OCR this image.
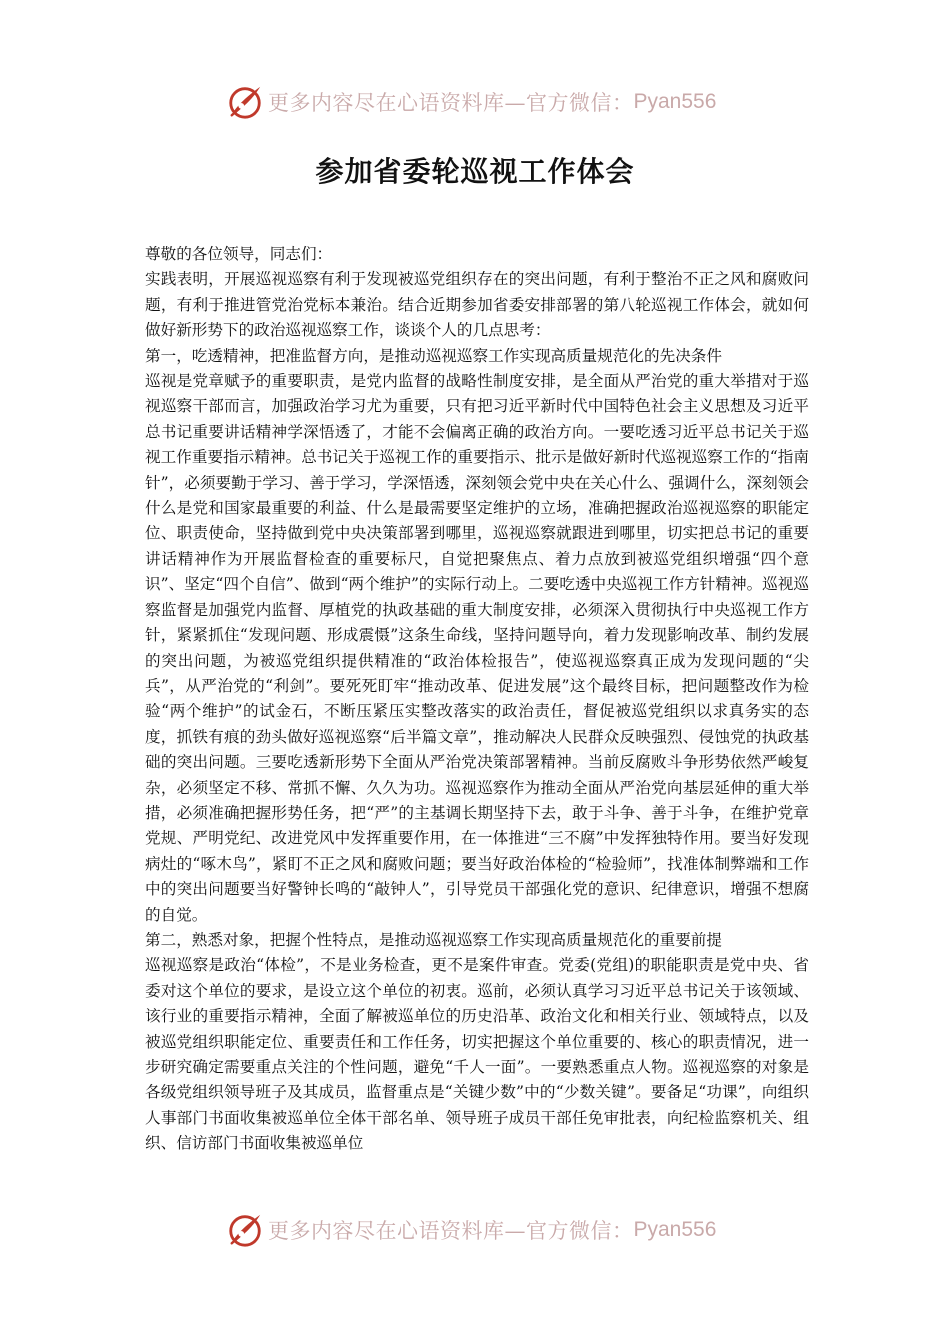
更多内容尽在心语资料库—官方微信： Pyan556
参加省委轮巡视工作体会

尊敬的各位领导，同志们：

实践表明，开展巡视巡察有利于发现被巡党组织存在的突出问题，有利于整治不正之风和腐败问题，有利于推进管党治党标本兼治。结合近期参加省委安排部署的第八轮巡视工作体会，就如何做好新形势下的政治巡视巡察工作，谈谈个人的几点思考：

第一，吃透精神，把准监督方向，是推动巡视巡察工作实现高质量规范化的先决条件

巡视是党章赋予的重要职责，是党内监督的战略性制度安排，是全面从严治党的重大举措对于巡视巡察干部而言，加强政治学习尤为重要，只有把习近平新时代中国特色社会主义思想及习近平总书记重要讲话精神学深悟透了，才能不会偏离正确的政治方向。一要吃透习近平总书记关于巡视工作重要指示精神。总书记关于巡视工作的重要指示、批示是做好新时代巡视巡察工作的“指南针”，必须要勤于学习、善于学习，学深悟透，深刻领会党中央在关心什么、强调什么，深刻领会什么是党和国家最重要的利益、什么是最需要坚定维护的立场，准确把握政治巡视巡察的职能定位、职责使命，坚持做到党中央决策部署到哪里，巡视巡察就跟进到哪里，切实把总书记的重要讲话精神作为开展监督检查的重要标尺，自觉把聚焦点、着力点放到被巡党组织增强“四个意识”、坚定“四个自信”、做到“两个维护”的实际行动上。二要吃透中央巡视工作方针精神。巡视巡察监督是加强党内监督、厚植党的执政基础的重大制度安排，必须深入贯彻执行中央巡视工作方针，紧紧抓住“发现问题、形成震慑”这条生命线，坚持问题导向，着力发现影响改革、制约发展的突出问题，为被巡党组织提供精准的“政治体检报告”，使巡视巡察真正成为发现问题的“尖兵”，从严治党的“利剑”。要死死盯牢“推动改革、促进发展”这个最终目标，把问题整改作为检验“两个维护”的试金石，不断压紧压实整改落实的政治责任，督促被巡党组织以求真务实的态度，抓铁有痕的劲头做好巡视巡察“后半篇文章”，推动解决人民群众反映强烈、侵蚀党的执政基础的突出问题。三要吃透新形势下全面从严治党决策部署精神。当前反腐败斗争形势依然严峻复杂，必须坚定不移、常抓不懈、久久为功。巡视巡察作为推动全面从严治党向基层延伸的重大举措，必须准确把握形势任务，把“严”的主基调长期坚持下去，敢于斗争、善于斗争，在维护党章党规、严明党纪、改进党风中发挥重要作用，在一体推进“三不腐”中发挥独特作用。要当好发现病灶的“啄木鸟”，紧盯不正之风和腐败问题；要当好政治体检的“检验师”，找准体制弊端和工作中的突出问题要当好警钟长鸣的“敲钟人”，引导党员干部强化党的意识、纪律意识，增强不想腐的自觉。

第二，熟悉对象，把握个性特点，是推动巡视巡察工作实现高质量规范化的重要前提

巡视巡察是政治“体检”，不是业务检查，更不是案件审查。党委(党组)的职能职责是党中央、省委对这个单位的要求，是设立这个单位的初衷。巡前，必须认真学习习近平总书记关于该领域、该行业的重要指示精神，全面了解被巡单位的历史沿革、政治文化和相关行业、领域特点，以及被巡党组织职能定位、重要责任和工作任务，切实把握这个单位重要的、核心的职责情况，进一步研究确定需要重点关注的个性问题，避免“千人一面”。一要熟悉重点人物。巡视巡察的对象是各级党组织领导班子及其成员，监督重点是“关键少数”中的“少数关键”。要备足“功课”，向组织人事部门书面收集被巡单位全体干部名单、领导班子成员干部任免审批表，向纪检监察机关、组织、信访部门书面收集被巡单位

更多内容尽在心语资料库—官方微信： Pyan556
